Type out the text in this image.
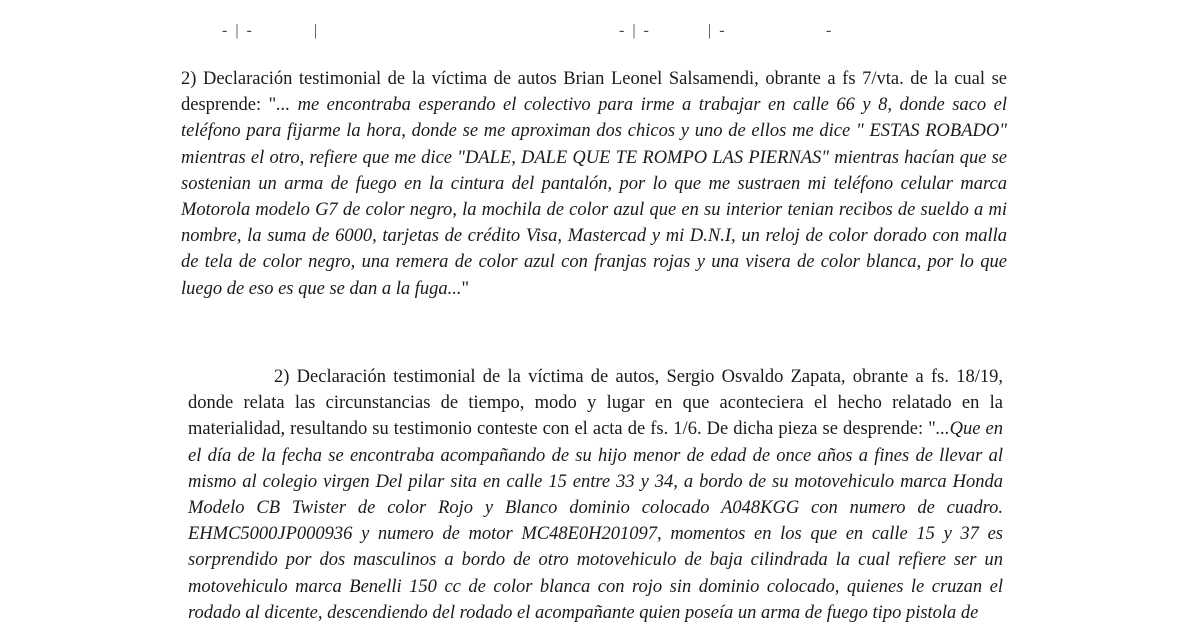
- | -	|	- | -	| -	-
2) Declaración testimonial de la víctima de autos Brian Leonel Salsamendi, obrante a fs 7/vta. de la cual se desprende: "... me encontraba esperando el colectivo para irme a trabajar en calle 66 y 8, donde saco el teléfono para fijarme la hora, donde se me aproximan dos chicos y uno de ellos me dice " ESTAS ROBADO" mientras el otro, refiere que me dice "DALE, DALE QUE TE ROMPO LAS PIERNAS" mientras hacían que se sostenian un arma de fuego en la cintura del pantalón, por lo que me sustraen mi teléfono celular marca Motorola modelo G7 de color negro, la mochila de color azul que en su interior tenian recibos de sueldo a mi nombre, la suma de 6000, tarjetas de crédito Visa, Mastercad y mi D.N.I, un reloj de color dorado con malla de tela de color negro, una remera de color azul con franjas rojas y una visera de color blanca, por lo que luego de eso es que se dan a la fuga..."
2) Declaración testimonial de la víctima de autos, Sergio Osvaldo Zapata, obrante a fs. 18/19, donde relata las circunstancias de tiempo, modo y lugar en que aconteciera el hecho relatado en la materialidad, resultando su testimonio conteste con el acta de fs. 1/6. De dicha pieza se desprende: "...Que en el día de la fecha se encontraba acompañando de su hijo menor de edad de once años a fines de llevar al mismo al colegio virgen Del pilar sita en calle 15 entre 33 y 34, a bordo de su motovehiculo marca Honda Modelo CB Twister de color Rojo y Blanco dominio colocado A048KGG con numero de cuadro. EHMC5000JP000936 y numero de motor MC48E0H201097, momentos en los que en calle 15 y 37 es sorprendido por dos masculinos a bordo de otro motovehiculo de baja cilindrada la cual refiere ser un motovehiculo marca Benelli 150 cc de color blanca con rojo sin dominio colocado, quienes le cruzan el rodado al dicente, descendiendo del rodado el acompañante quien poseía un arma de fuego tipo pistola de
